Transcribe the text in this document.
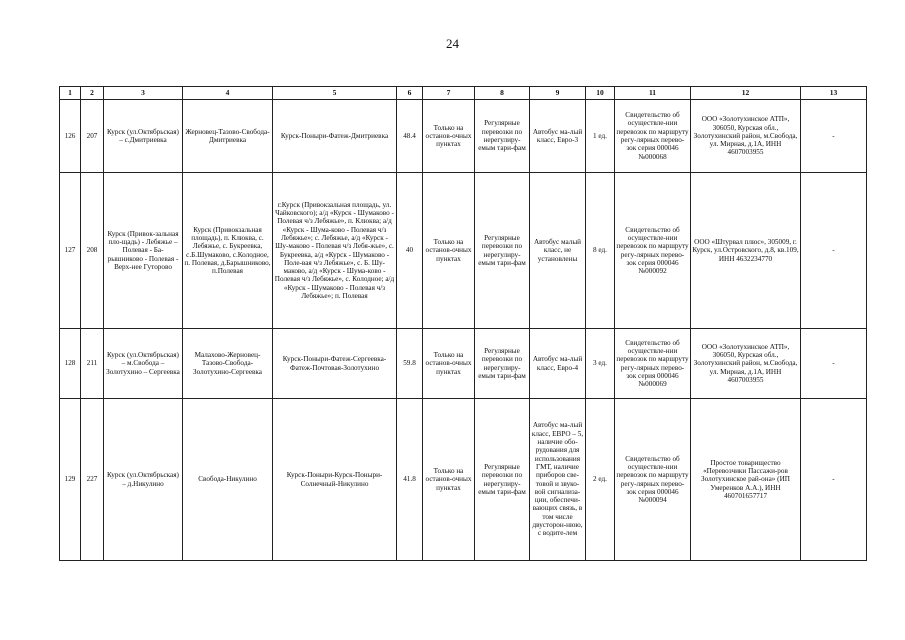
24
1	2	3	4	5	6	7	8	9	10	11	12	13
126	207	Курск (ул.Октябрьская) – с.Дмитриевка	Жерновец-Тазово-Свобода-Дмитриевка	Курск-Поныри-Фатеж-Дмитриевка	48.4	Только на останов-очных пунктах	Регулярные перевозки по нерегулиру-емым тари-фам	Автобус ма-лый класс, Евро-3	1 ед.	Свидетельство об осуществле-нии перевозок по маршруту регу-лярных перево-зок серия 000046 №000068	ООО «Золотухинское АТП», 306050, Курская обл., Золотухинский район, м.Свобода, ул. Мирная, д.1А, ИНН 4607003955	-
127	208	Курск (Привок-зальная пло-щадь) - Лебяжье – Полевая - Ба-рышниково - Полевая - Верх-нее Гуторово	Курск (Привокзальная площадь), п. Клюква, с. Лебяжье, с. Букреевка, с.Б.Шумаково, с.Колодное, п. Полевая, д.Барышниково, п.Полевая	г.Курск (Привокзальная площадь, ул. Чайковского); а/д «Курск - Шумаково - Полевая ч/з Лебяжье», п. Клюква; а/д «Курск - Шума-ково - Полевая ч/з Лебяжье»; с. Лебяжье, а/д «Курск - Шу-маково - Полевая ч/з Лебя-жье», с. Букреевка, а/д «Курск - Шумаково - Поле-вая ч/з Лебяжье», с. Б. Шу-маково, а/д «Курск - Шума-ково - Полевая ч/з Лебяжье», с. Колодное; а/д «Курск - Шумаково - Полевая ч/з Лебяжье»; п. Полевая	40	Только на останов-очных пунктах	Регулярные перевозки по нерегулиру-емым тари-фам	Автобус малый класс, не установлены	8 ед.	Свидетельство об осуществле-нии перевозок по маршруту регу-лярных перево-зок серия 000046 №000092	ООО «Штурвал плюс», 305009, г. Курск, ул.Островского, д.8, кв.109, ИНН 4632234770	-
128	211	Курск (ул.Октябрьская) – м.Свобода – Золотухино – Сергеевка	Малахово-Жерновец-Тазово-Свобода-Золотухино-Сергеевка	Курск-Поныри-Фатеж-Сергеевка-Фатеж-Почтовая-Золотухино	59.8	Только на останов-очных пунктах	Регулярные перевозки по нерегулиру-емым тари-фам	Автобус ма-лый класс, Евро-4	3 ед.	Свидетельство об осуществле-нии перевозок по маршруту регу-лярных перево-зок серия 000046 №000069	ООО «Золотухинское АТП», 306050, Курская обл., Золотухинский район, м.Свобода, ул. Мирная, д.1А, ИНН 4607003955	-
129	227	Курск (ул.Октябрьская) – д.Никулино	Свобода-Никулино	Курск-Поныри-Курск-Поныри-Солнечный-Никулино	41.8	Только на останов-очных пунктах	Регулярные перевозки по нерегулиру-емым тари-фам	Автобус ма-лый класс, ЕВРО – 5, наличие обо-рудования для использования ГМТ, наличие приборов све-товой и звуко-вой сигнализа-ции, обеспечи-вающих связь, в том числе двусторон-нюю, с водите-лем	2 ед.	Свидетельство об осуществле-нии перевозок по маршруту регу-лярных перево-зок серия 000046 №000094	Простое товарищество «Перевозчики Пассажи-ров Золотухинское рай-она» (ИП Умеренков А.А.), ИНН 460701657717	-
